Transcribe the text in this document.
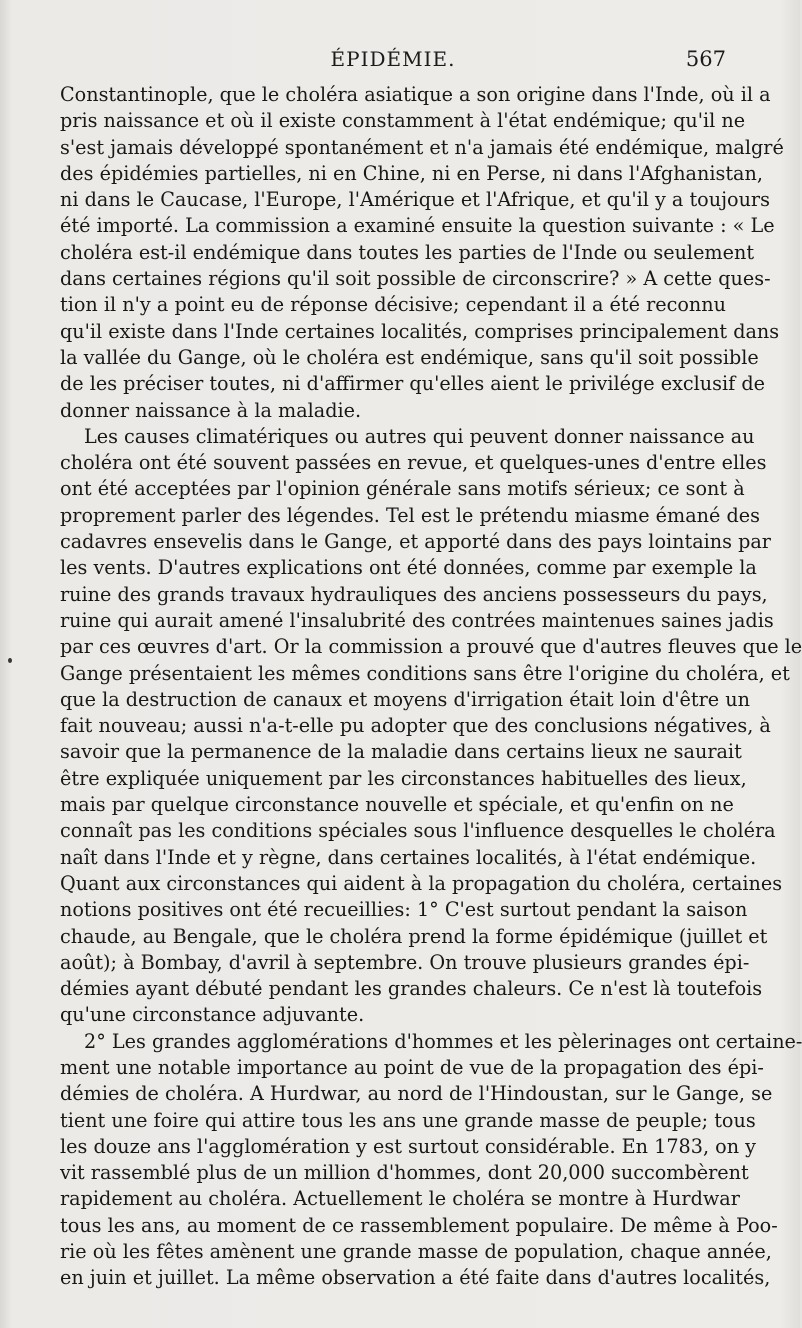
ÉPIDÉMIE.	567
Constantinople, que le choléra asiatique a son origine dans l'Inde, où il a
pris naissance et où il existe constamment à l'état endémique; qu'il ne
s'est jamais développé spontanément et n'a jamais été endémique, malgré
des épidémies partielles, ni en Chine, ni en Perse, ni dans l'Afghanistan,
ni dans le Caucase, l'Europe, l'Amérique et l'Afrique, et qu'il y a toujours
été importé. La commission a examiné ensuite la question suivante : « Le
choléra est-il endémique dans toutes les parties de l'Inde ou seulement
dans certaines régions qu'il soit possible de circonscrire? » A cette ques-
tion il n'y a point eu de réponse décisive; cependant il a été reconnu
qu'il existe dans l'Inde certaines localités, comprises principalement dans
la vallée du Gange, où le choléra est endémique, sans qu'il soit possible
de les préciser toutes, ni d'affirmer qu'elles aient le privilége exclusif de
donner naissance à la maladie.
Les causes climatériques ou autres qui peuvent donner naissance au
choléra ont été souvent passées en revue, et quelques-unes d'entre elles
ont été acceptées par l'opinion générale sans motifs sérieux; ce sont à
proprement parler des légendes. Tel est le prétendu miasme émané des
cadavres ensevelis dans le Gange, et apporté dans des pays lointains par
les vents. D'autres explications ont été données, comme par exemple la
ruine des grands travaux hydrauliques des anciens possesseurs du pays,
ruine qui aurait amené l'insalubrité des contrées maintenues saines jadis
par ces œuvres d'art. Or la commission a prouvé que d'autres fleuves que le
Gange présentaient les mêmes conditions sans être l'origine du choléra, et
que la destruction de canaux et moyens d'irrigation était loin d'être un
fait nouveau; aussi n'a-t-elle pu adopter que des conclusions négatives, à
savoir que la permanence de la maladie dans certains lieux ne saurait
être expliquée uniquement par les circonstances habituelles des lieux,
mais par quelque circonstance nouvelle et spéciale, et qu'enfin on ne
connaît pas les conditions spéciales sous l'influence desquelles le choléra
naît dans l'Inde et y règne, dans certaines localités, à l'état endémique.
Quant aux circonstances qui aident à la propagation du choléra, certaines
notions positives ont été recueillies: 1° C'est surtout pendant la saison
chaude, au Bengale, que le choléra prend la forme épidémique (juillet et
août); à Bombay, d'avril à septembre. On trouve plusieurs grandes épi-
démies ayant débuté pendant les grandes chaleurs. Ce n'est là toutefois
qu'une circonstance adjuvante.
2° Les grandes agglomérations d'hommes et les pèlerinages ont certaine-
ment une notable importance au point de vue de la propagation des épi-
démies de choléra. A Hurdwar, au nord de l'Hindoustan, sur le Gange, se
tient une foire qui attire tous les ans une grande masse de peuple; tous
les douze ans l'agglomération y est surtout considérable. En 1783, on y
vit rassemblé plus de un million d'hommes, dont 20,000 succombèrent
rapidement au choléra. Actuellement le choléra se montre à Hurdwar
tous les ans, au moment de ce rassemblement populaire. De même à Poo-
rie où les fêtes amènent une grande masse de population, chaque année,
en juin et juillet. La même observation a été faite dans d'autres localités,
